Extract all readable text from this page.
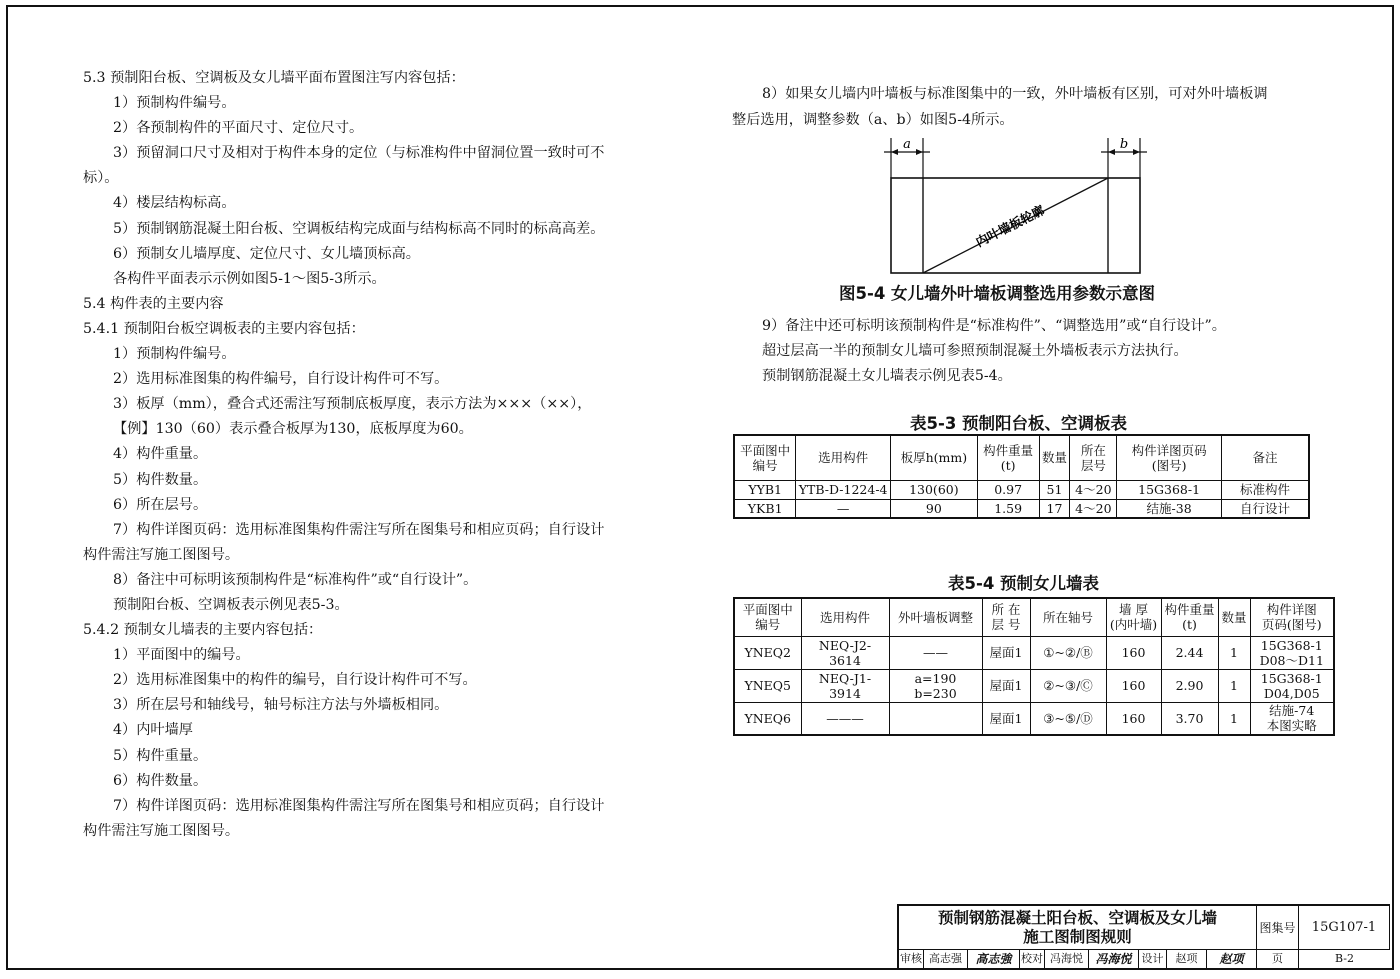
5.3 预制阳台板、空调板及女儿墙平面布置图注写内容包括：

1）预制构件编号。

2）各预制构件的平面尺寸、定位尺寸。

3）预留洞口尺寸及相对于构件本身的定位（与标准构件中留洞位置一致时可不

标）。

4）楼层结构标高。

5）预制钢筋混凝土阳台板、空调板结构完成面与结构标高不同时的标高高差。

6）预制女儿墙厚度、定位尺寸、女儿墙顶标高。

各构件平面表示示例如图5-1～图5-3所示。

5.4 构件表的主要内容

5.4.1 预制阳台板空调板表的主要内容包括：

1）预制构件编号。

2）选用标准图集的构件编号，自行设计构件可不写。

3）板厚（mm），叠合式还需注写预制底板厚度，表示方法为×××（××），

【例】130（60）表示叠合板厚为130，底板厚度为60。

4）构件重量。

5）构件数量。

6）所在层号。

7）构件详图页码：选用标准图集构件需注写所在图集号和相应页码；自行设计

构件需注写施工图图号。

8）备注中可标明该预制构件是“标准构件”或“自行设计”。

预制阳台板、空调板表示例见表5-3。

5.4.2 预制女儿墙表的主要内容包括：

1）平面图中的编号。

2）选用标准图集中的构件的编号，自行设计构件可不写。

3）所在层号和轴线号，轴号标注方法与外墙板相同。

4）内叶墙厚

5）构件重量。

6）构件数量。

7）构件详图页码：选用标准图集构件需注写所在图集号和相应页码；自行设计

构件需注写施工图图号。

8）如果女儿墙内叶墙板与标准图集中的一致，外叶墙板有区别，可对外叶墙板调

整后选用，调整参数（a、b）如图5-4所示。

a	b
内叶墙板轮廓
图5-4 女儿墙外叶墙板调整选用参数示意图

9）备注中还可标明该预制构件是“标准构件”、“调整选用”或“自行设计”。

超过层高一半的预制女儿墙可参照预制混凝土外墙板表示方法执行。

预制钢筋混凝土女儿墙表示例见表5-4。

表5-3 预制阳台板、空调板表
平面图中
编号	选用构件	板厚h(mm)	构件重量
(t)	数量	所在
层号	构件详图页码
(图号)	备注
YYB1	YTB-D-1224-4	130(60)	0.97	51	4～20	15G368-1	标准构件
YKB1	—	90	1.59	17	4～20	结施-38	自行设计
表5-4 预制女儿墙表
平面图中
编号	选用构件	外叶墙板调整	所 在
层 号	所在轴号	墙 厚
(内叶墙)	构件重量
(t)	数量	构件详图
页码(图号)
YNEQ2	NEQ-J2-3614	——	屋面1	①~②/Ⓑ	160	2.44	1	15G368-1
D08～D11
YNEQ5	NEQ-J1-3914	a=190 b=230	屋面1	②~③/Ⓒ	160	2.90	1	15G368-1
D04,D05
YNEQ6	———		屋面1	③~⑤/Ⓓ	160	3.70	1	结施-74
本图实略
预制钢筋混凝土阳台板、空调板及女儿墙
施工图制图规则	图集号	15G107-1
审核 高志强	高志強 校对 冯海悦	冯海悦 设计	赵项	赵项	页	B-2
